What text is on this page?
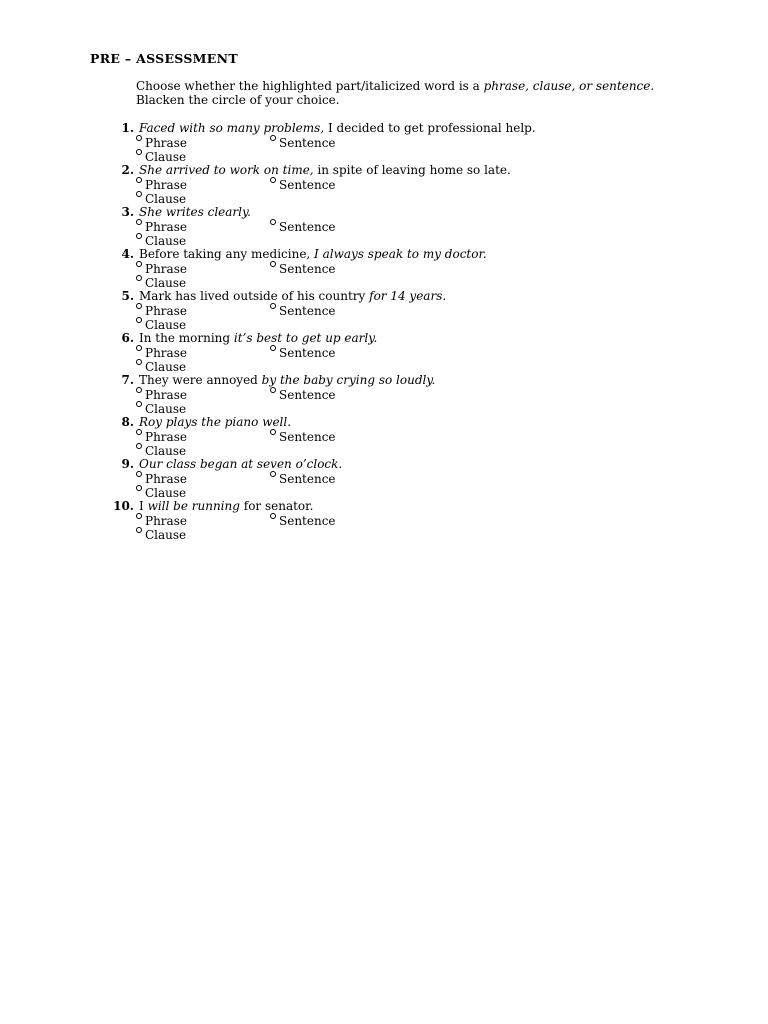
PRE – ASSESSMENT
Choose whether the highlighted part/italicized word is a phrase, clause, or sentence.
Blacken the circle of your choice.
1. Faced with so many problems, I decided to get professional help.
Phrase	Sentence
Clause
2. She arrived to work on time, in spite of leaving home so late.
Phrase	Sentence
Clause
3. She writes clearly.
Phrase	Sentence
Clause
4. Before taking any medicine, I always speak to my doctor.
Phrase	Sentence
Clause
5. Mark has lived outside of his country for 14 years.
Phrase	Sentence
Clause
6. In the morning it’s best to get up early.
Phrase	Sentence
Clause
7. They were annoyed by the baby crying so loudly.
Phrase	Sentence
Clause
8. Roy plays the piano well.
Phrase	Sentence
Clause
9. Our class began at seven o’clock.
Phrase	Sentence
Clause
10. I will be running for senator.
Phrase	Sentence
Clause
